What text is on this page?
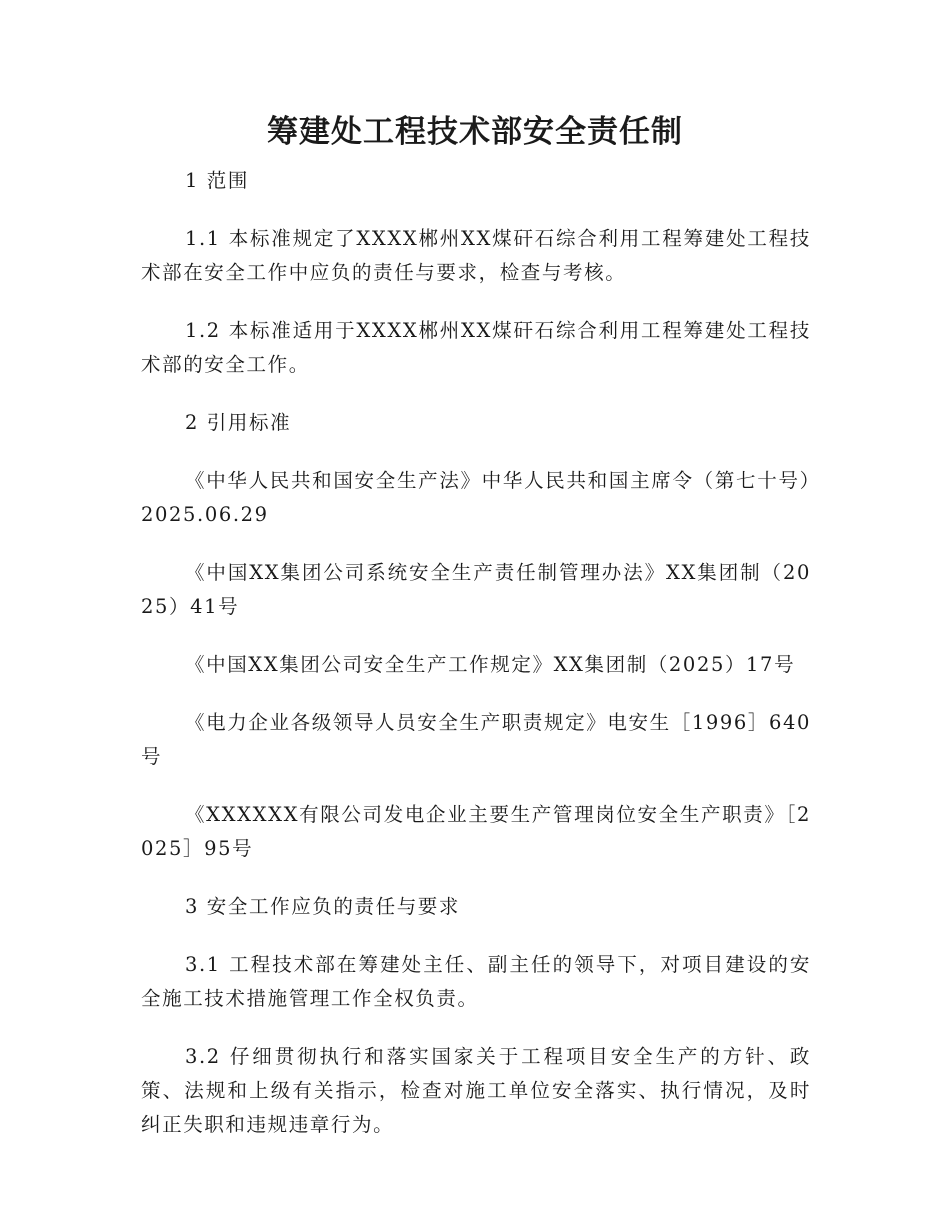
筹建处工程技术部安全责任制

1 范围

1.1 本标准规定了XXXX郴州XX煤矸石综合利用工程筹建处工程技术部在安全工作中应负的责任与要求，检查与考核。

1.2 本标准适用于XXXX郴州XX煤矸石综合利用工程筹建处工程技术部的安全工作。

2 引用标准

《中华人民共和国安全生产法》中华人民共和国主席令（第七十号）2025.06.29

《中国XX集团公司系统安全生产责任制管理办法》XX集团制（2025）41号

《中国XX集团公司安全生产工作规定》XX集团制（2025）17号

《电力企业各级领导人员安全生产职责规定》电安生［1996］640号

《XXXXXX有限公司发电企业主要生产管理岗位安全生产职责》［2025］95号

3 安全工作应负的责任与要求

3.1 工程技术部在筹建处主任、副主任的领导下，对项目建设的安全施工技术措施管理工作全权负责。

3.2 仔细贯彻执行和落实国家关于工程项目安全生产的方针、政策、法规和上级有关指示，检查对施工单位安全落实、执行情况，及时纠正失职和违规违章行为。
